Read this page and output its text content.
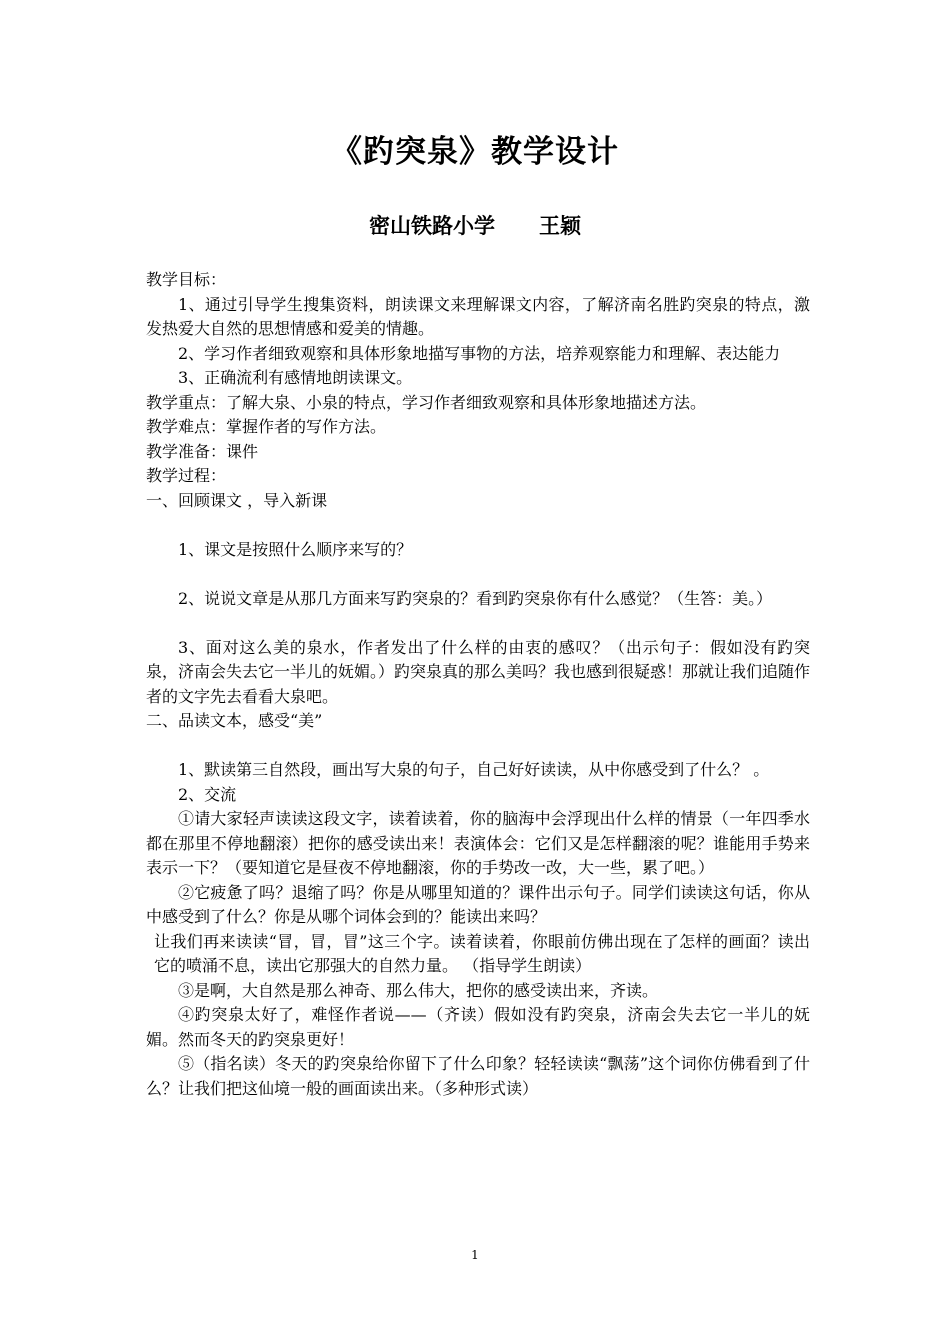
《趵突泉》教学设计
密山铁路小学 王颖

教学目标：

1、通过引导学生搜集资料，朗读课文来理解课文内容，了解济南名胜趵突泉的特点，激发热爱大自然的思想情感和爱美的情趣。

2、学习作者细致观察和具体形象地描写事物的方法，培养观察能力和理解、表达能力

3、正确流利有感情地朗读课文。

教学重点：了解大泉、小泉的特点，学习作者细致观察和具体形象地描述方法。

教学难点：掌握作者的写作方法。

教学准备：课件

教学过程：

一、回顾课文 ，导入新课

1、课文是按照什么顺序来写的？

2、说说文章是从那几方面来写趵突泉的？看到趵突泉你有什么感觉？（生答：美。）

3、面对这么美的泉水，作者发出了什么样的由衷的感叹？（出示句子：假如没有趵突泉，济南会失去它一半儿的妩媚。）趵突泉真的那么美吗？我也感到很疑惑！那就让我们追随作者的文字先去看看大泉吧。

二、品读文本，感受“美”

1、默读第三自然段，画出写大泉的句子，自己好好读读，从中你感受到了什么？ 。

2、交流

①请大家轻声读读这段文字，读着读着，你的脑海中会浮现出什么样的情景（一年四季水都在那里不停地翻滚）把你的感受读出来！表演体会：它们又是怎样翻滚的呢？谁能用手势来表示一下？（要知道它是昼夜不停地翻滚，你的手势改一改，大一些，累了吧。）

②它疲惫了吗？退缩了吗？你是从哪里知道的？课件出示句子。同学们读读这句话，你从中感受到了什么？你是从哪个词体会到的？能读出来吗？

让我们再来读读“冒，冒，冒”这三个字。读着读着，你眼前仿佛出现在了怎样的画面？读出它的喷涌不息，读出它那强大的自然力量。 （指导学生朗读）

③是啊，大自然是那么神奇、那么伟大，把你的感受读出来，齐读。

④趵突泉太好了，难怪作者说——（齐读）假如没有趵突泉，济南会失去它一半儿的妩媚。然而冬天的趵突泉更好！

⑤（指名读）冬天的趵突泉给你留下了什么印象？轻轻读读“飘荡”这个词你仿佛看到了什么？让我们把这仙境一般的画面读出来。（多种形式读）

1
